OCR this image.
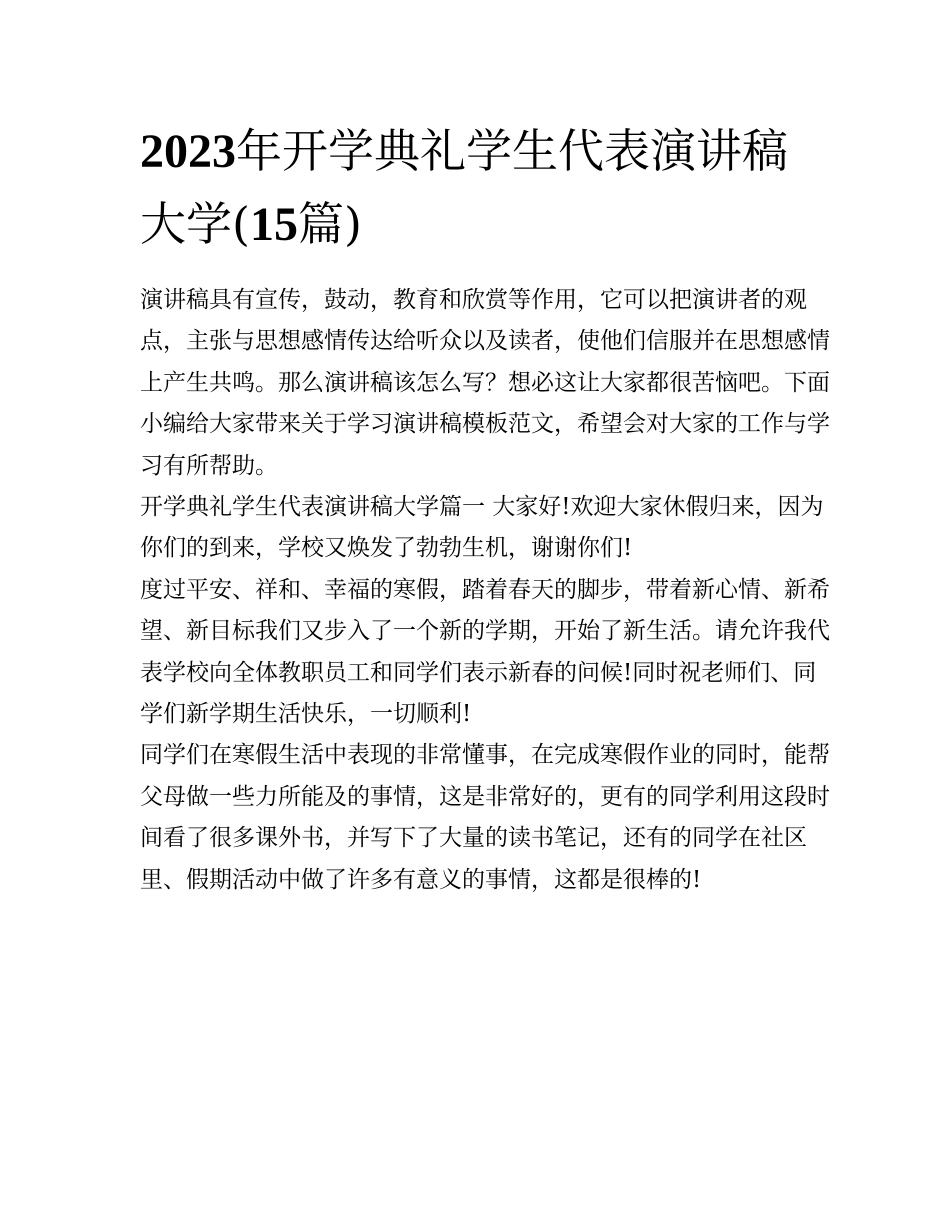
2023年开学典礼学生代表演讲稿大学(15篇)

演讲稿具有宣传，鼓动，教育和欣赏等作用，它可以把演讲者的观点，主张与思想感情传达给听众以及读者，使他们信服并在思想感情上产生共鸣。那么演讲稿该怎么写？想必这让大家都很苦恼吧。下面小编给大家带来关于学习演讲稿模板范文，希望会对大家的工作与学习有所帮助。

开学典礼学生代表演讲稿大学篇一 大家好!欢迎大家休假归来，因为你们的到来，学校又焕发了勃勃生机，谢谢你们!

度过平安、祥和、幸福的寒假，踏着春天的脚步，带着新心情、新希望、新目标我们又步入了一个新的学期，开始了新生活。请允许我代表学校向全体教职员工和同学们表示新春的问候!同时祝老师们、同学们新学期生活快乐，一切顺利!

同学们在寒假生活中表现的非常懂事，在完成寒假作业的同时，能帮父母做一些力所能及的事情，这是非常好的，更有的同学利用这段时间看了很多课外书，并写下了大量的读书笔记，还有的同学在社区里、假期活动中做了许多有意义的事情，这都是很棒的!
